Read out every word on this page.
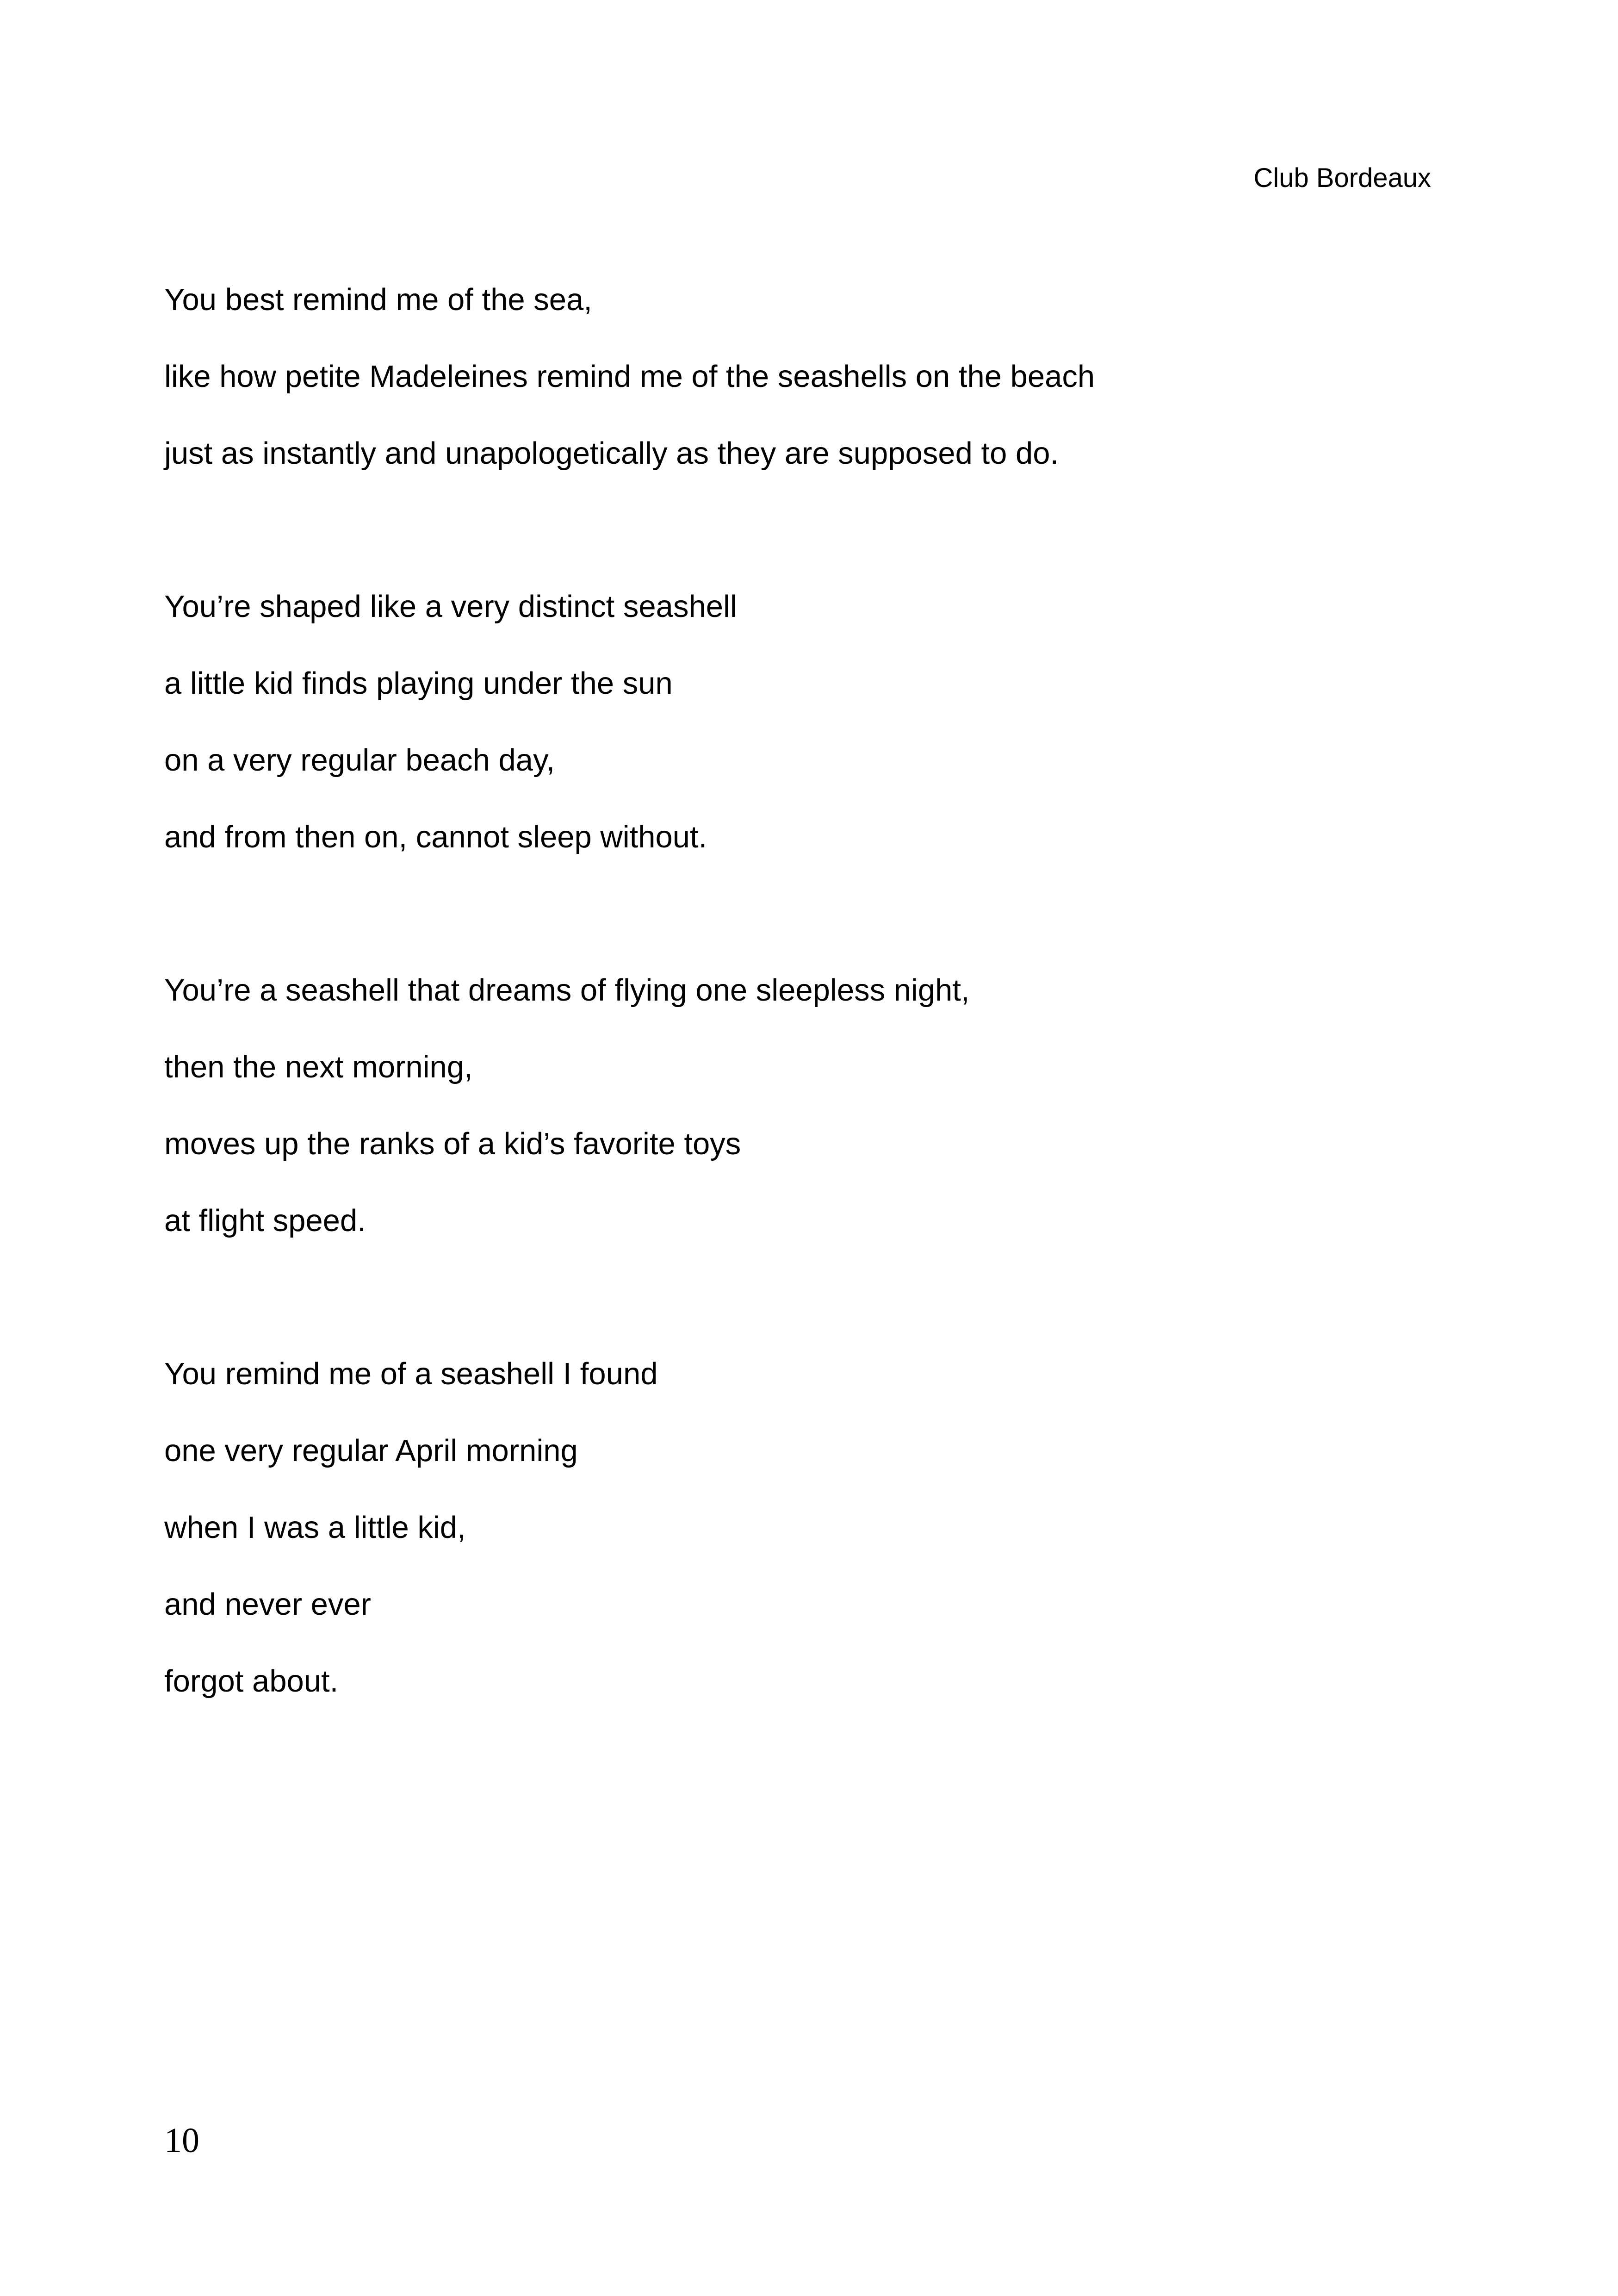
Club Bordeaux
You best remind me of the sea,
like how petite Madeleines remind me of the seashells on the beach
just as instantly and unapologetically as they are supposed to do.
You’re shaped like a very distinct seashell
a little kid finds playing under the sun
on a very regular beach day,
and from then on, cannot sleep without.
You’re a seashell that dreams of flying one sleepless night,
then the next morning,
moves up the ranks of a kid’s favorite toys
at flight speed.
You remind me of a seashell I found
one very regular April morning
when I was a little kid,
and never ever
forgot about.
10
